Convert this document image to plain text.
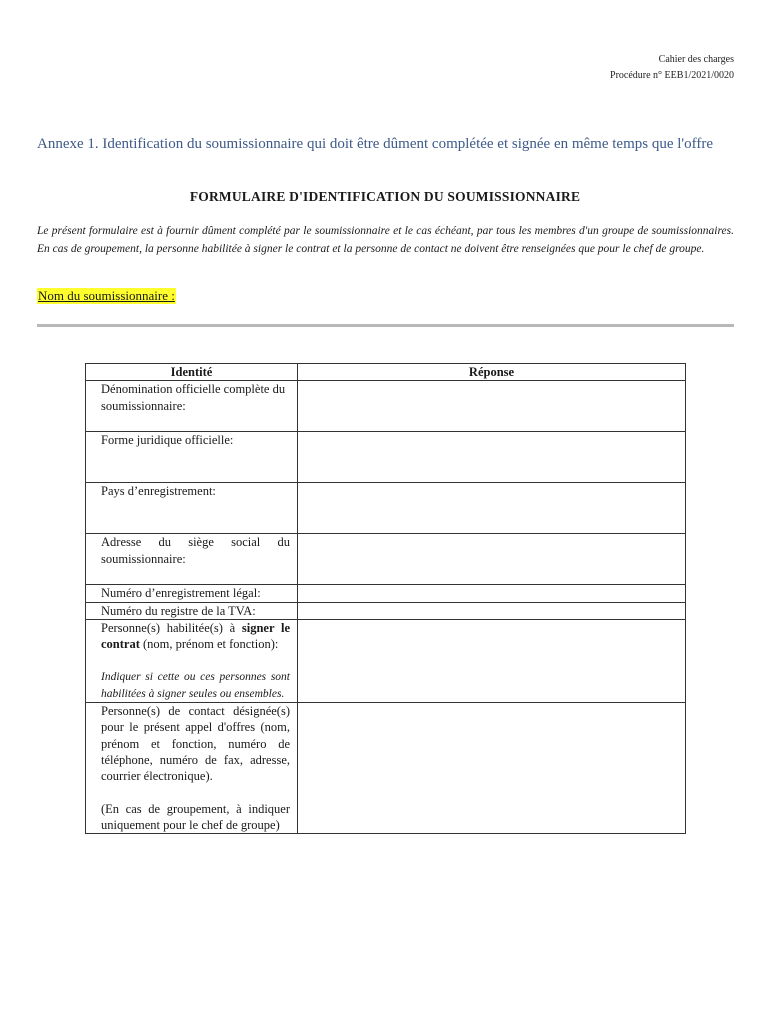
Cahier des charges
Procédure n° EEB1/2021/0020
Annexe 1. Identification du soumissionnaire qui doit être dûment complétée et signée en même temps que l'offre
FORMULAIRE D'IDENTIFICATION DU SOUMISSIONNAIRE
Le présent formulaire est à fournir dûment complété par le soumissionnaire et le cas échéant, par tous les membres d'un groupe de soumissionnaires. En cas de groupement, la personne habilitée à signer le contrat et la personne de contact ne doivent être renseignées que pour le chef de groupe.
Nom du soumissionnaire :
Identité	Réponse
Dénomination officielle complète du soumissionnaire:	
Forme juridique officielle:	
Pays d’enregistrement:	
Adresse du siège social du soumissionnaire:	
Numéro d’enregistrement légal:	
Numéro du registre de la TVA:	
Personne(s) habilitée(s) à signer le contrat (nom, prénom et fonction):
Indiquer si cette ou ces personnes sont habilitées à signer seules ou ensembles.	

Personne(s) de contact désignée(s) pour le présent appel d'offres (nom, prénom et fonction, numéro de téléphone, numéro de fax, adresse, courrier électronique).
(En cas de groupement, à indiquer uniquement pour le chef de groupe)	
